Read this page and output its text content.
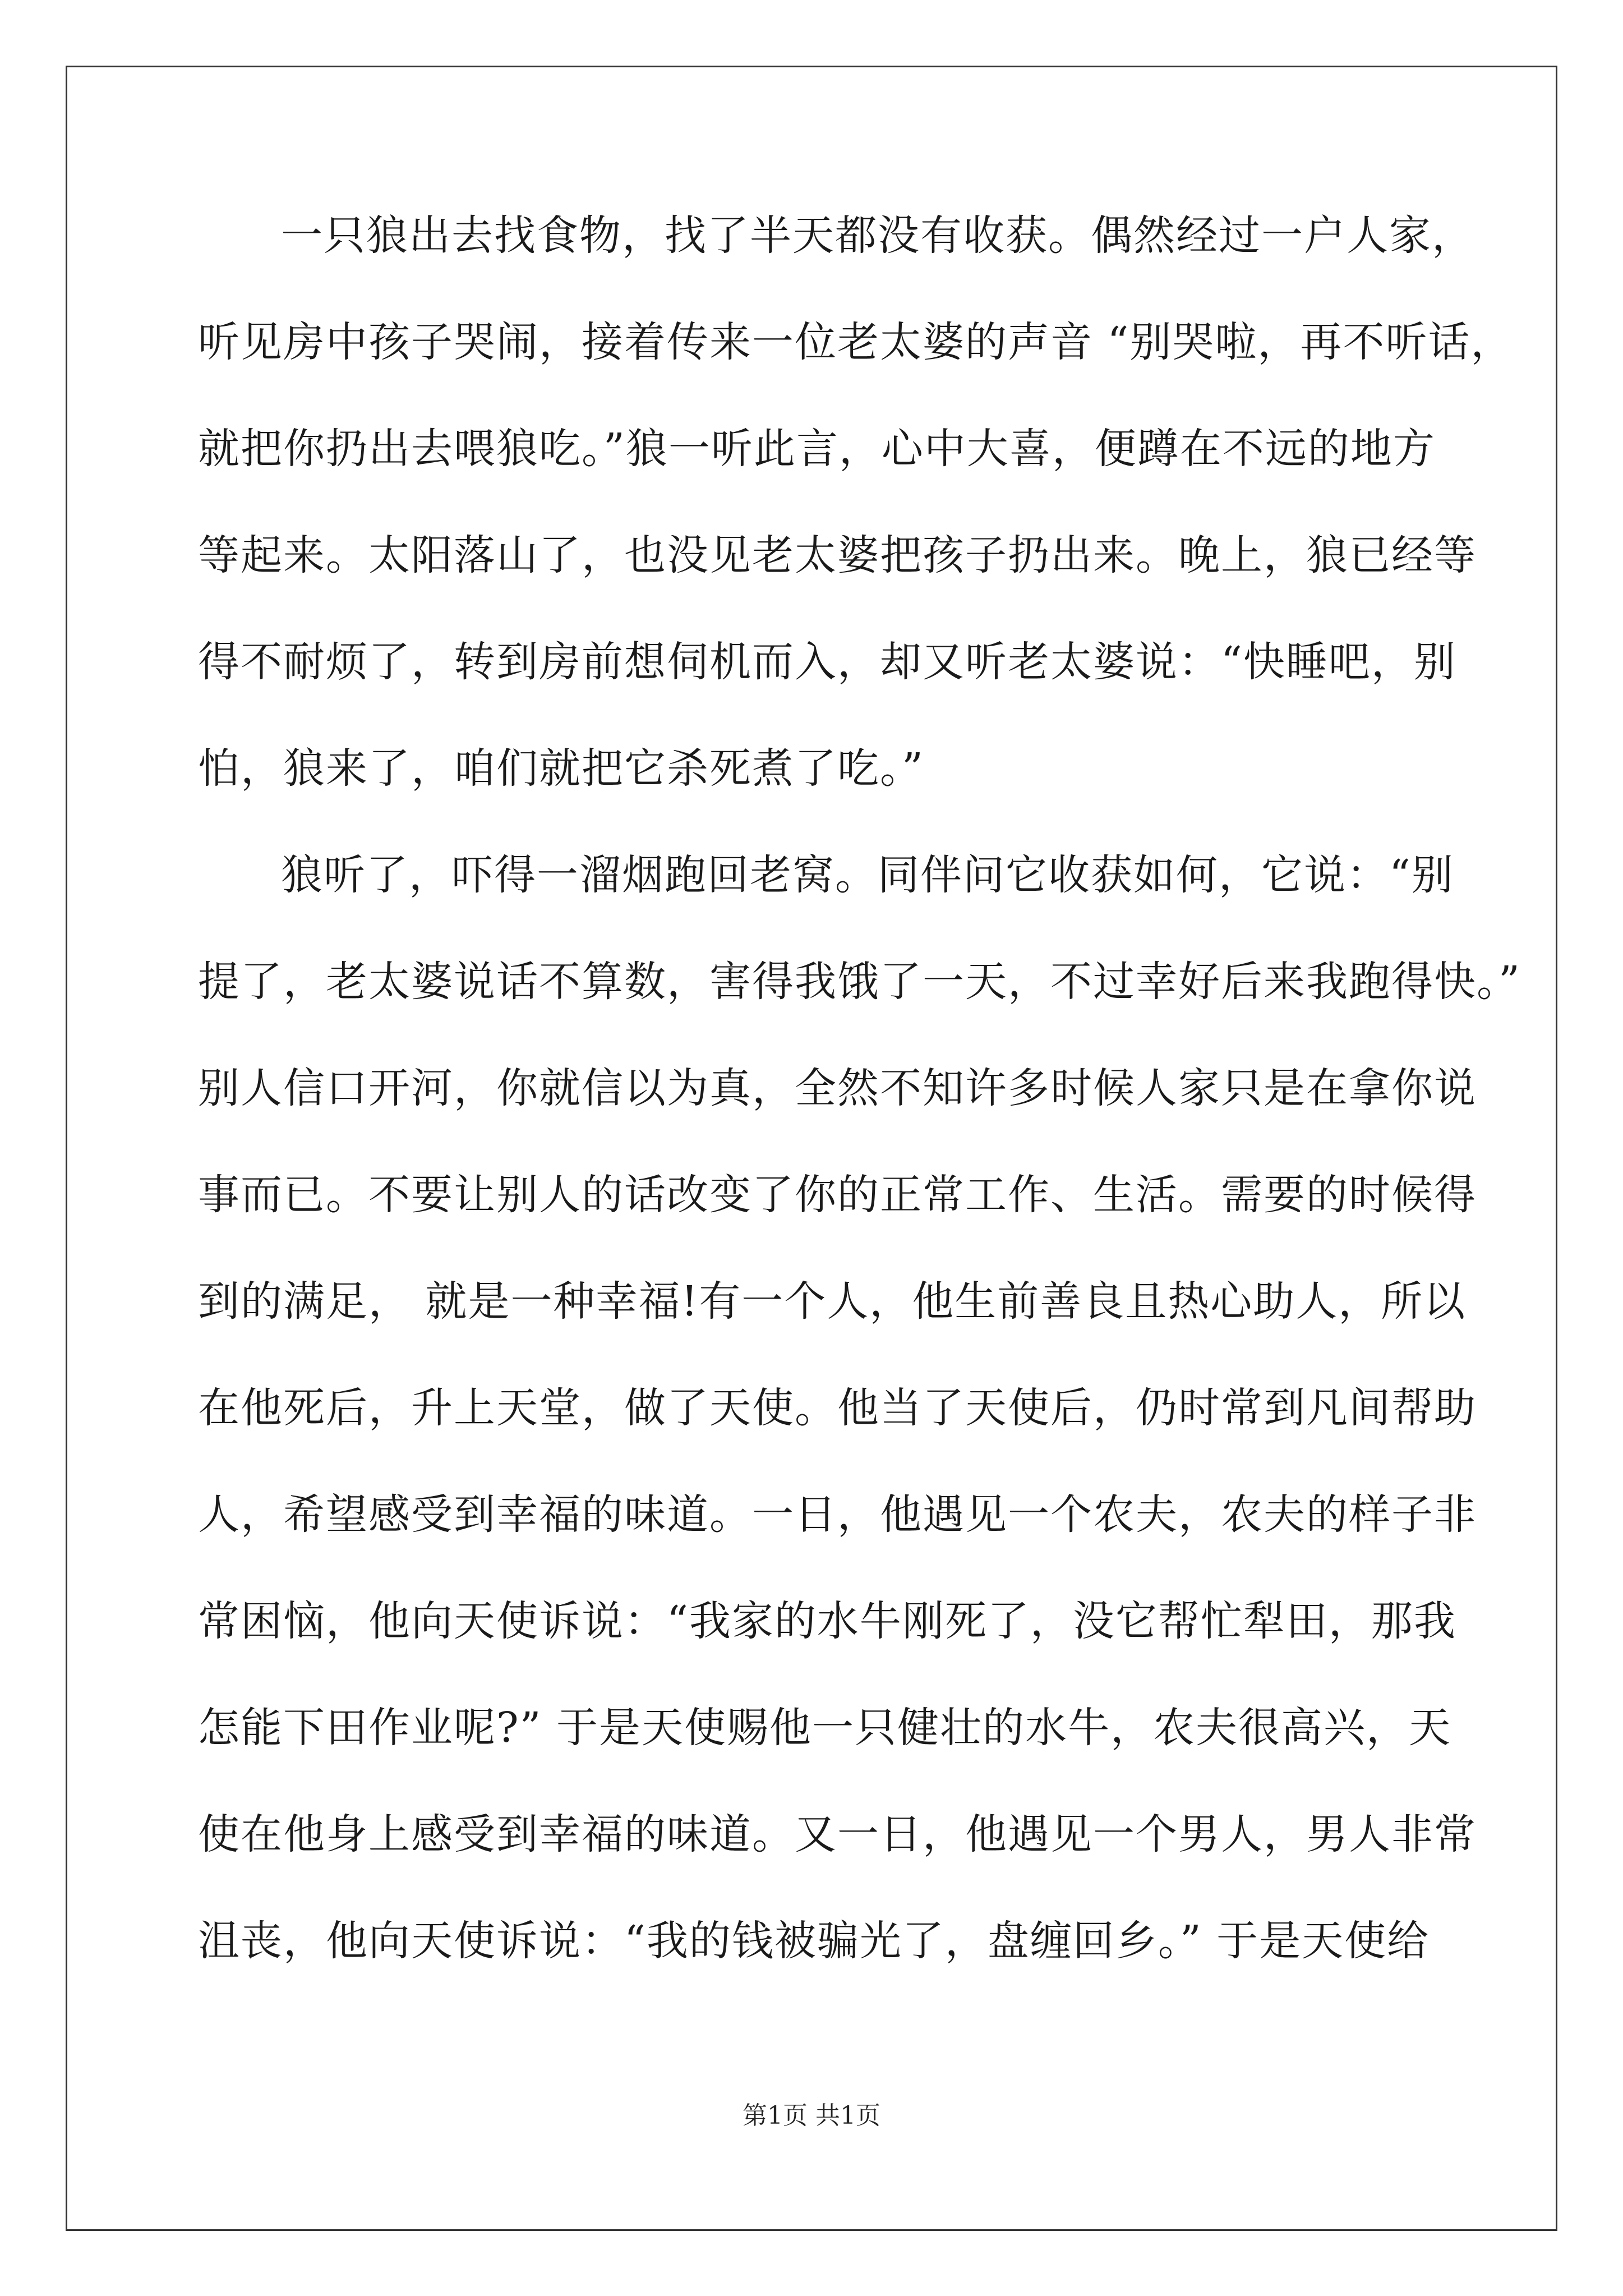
一只狼出去找食物，找了半天都没有收获。偶然经过一户人家，
听见房中孩子哭闹，接着传来一位老太婆的声音 “别哭啦，再不听话，
就把你扔出去喂狼吃。”狼一听此言，心中大喜，便蹲在不远的地方
等起来。太阳落山了，也没见老太婆把孩子扔出来。晚上，狼已经等
得不耐烦了，转到房前想伺机而入，却又听老太婆说：“快睡吧，别
怕，狼来了，咱们就把它杀死煮了吃。”
狼听了，吓得一溜烟跑回老窝。同伴问它收获如何，它说：“别
提了，老太婆说话不算数，害得我饿了一天，不过幸好后来我跑得快。”
别人信口开河，你就信以为真，全然不知许多时候人家只是在拿你说
事而已。不要让别人的话改变了你的正常工作、生活。需要的时候得
到的满足， 就是一种幸福!有一个人，他生前善良且热心助人，所以
在他死后，升上天堂，做了天使。他当了天使后，仍时常到凡间帮助
人，希望感受到幸福的味道。一日，他遇见一个农夫，农夫的样子非
常困恼，他向天使诉说：“我家的水牛刚死了，没它帮忙犁田，那我
怎能下田作业呢?” 于是天使赐他一只健壮的水牛，农夫很高兴，天
使在他身上感受到幸福的味道。又一日，他遇见一个男人，男人非常
沮丧，他向天使诉说：“我的钱被骗光了，盘缠回乡。” 于是天使给
第1页 共1页
